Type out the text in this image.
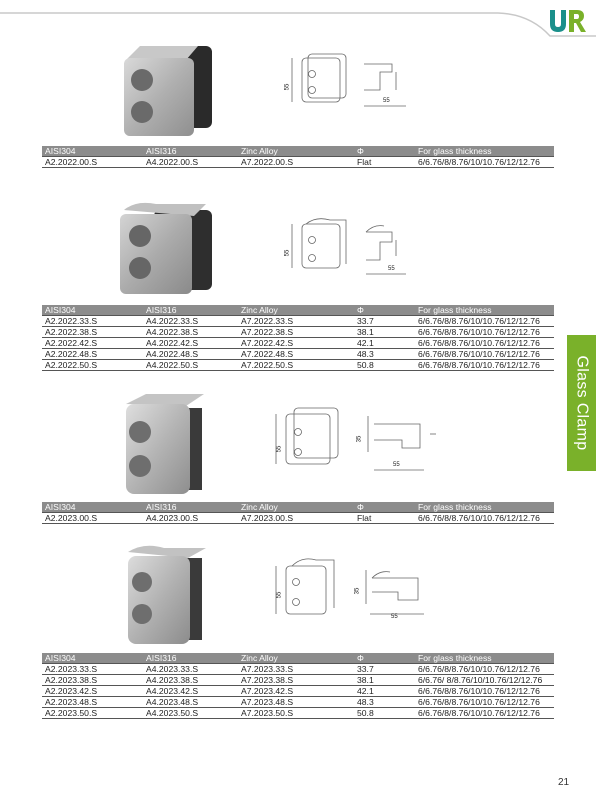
Glass Clamp
55
55
55
55
55
35
55
55
35
55
AISI304	AISI316	Zinc Alloy	Φ	For glass thickness
A2.2022.00.S	A4.2022.00.S	A7.2022.00.S	Flat	6/6.76/8/8.76/10/10.76/12/12.76
AISI304	AISI316	Zinc Alloy	Φ	For glass thickness
A2.2022.33.S	A4.2022.33.S	A7.2022.33.S	33.7	6/6.76/8/8.76/10/10.76/12/12.76
A2.2022.38.S	A4.2022.38.S	A7.2022.38.S	38.1	6/6.76/8/8.76/10/10.76/12/12.76
A2.2022.42.S	A4.2022.42.S	A7.2022.42.S	42.1	6/6.76/8/8.76/10/10.76/12/12.76
A2.2022.48.S	A4.2022.48.S	A7.2022.48.S	48.3	6/6.76/8/8.76/10/10.76/12/12.76
A2.2022.50.S	A4.2022.50.S	A7.2022.50.S	50.8	6/6.76/8/8.76/10/10.76/12/12.76
AISI304	AISI316	Zinc Alloy	Φ	For glass thickness
A2.2023.00.S	A4.2023.00.S	A7.2023.00.S	Flat	6/6.76/8/8.76/10/10.76/12/12.76
AISI304	AISI316	Zinc Alloy	Φ	For glass thickness
A2.2023.33.S	A4.2023.33.S	A7.2023.33.S	33.7	6/6.76/8/8.76/10/10.76/12/12.76
A2.2023.38.S	A4.2023.38.S	A7.2023.38.S	38.1	6/6.76/ 8/8.76/10/10.76/12/12.76
A2.2023.42.S	A4.2023.42.S	A7.2023.42.S	42.1	6/6.76/8/8.76/10/10.76/12/12.76
A2.2023.48.S	A4.2023.48.S	A7.2023.48.S	48.3	6/6.76/8/8.76/10/10.76/12/12.76
A2.2023.50.S	A4.2023.50.S	A7.2023.50.S	50.8	6/6.76/8/8.76/10/10.76/12/12.76
21
